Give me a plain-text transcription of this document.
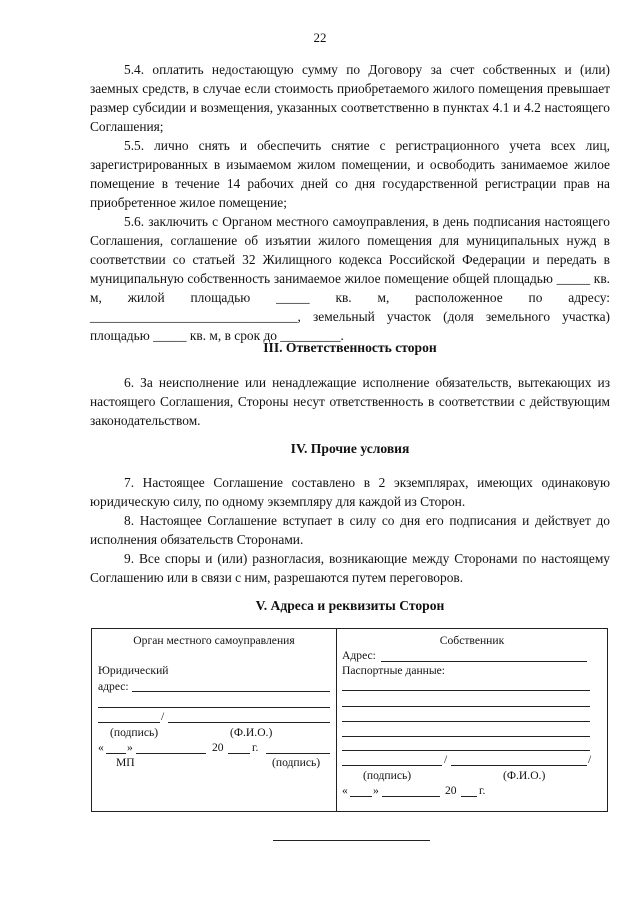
22

5.4. оплатить недостающую сумму по Договору за счет собственных и (или) заемных средств, в случае если стоимость приобретаемого жилого помещения превышает размер субсидии и возмещения, указанных соответственно в пунктах 4.1 и 4.2 настоящего Соглашения;

5.5. лично снять и обеспечить снятие с регистрационного учета всех лиц, зарегистрированных в изымаемом жилом помещении, и освободить занимаемое жилое помещение в течение 14 рабочих дней со дня государственной регистрации прав на приобретенное жилое помещение;

5.6. заключить с Органом местного самоуправления, в день подписания настоящего Соглашения, соглашение об изъятии жилого помещения для муниципальных нужд в соответствии со статьей 32 Жилищного кодекса Российской Федерации и передать в муниципальную собственность занимаемое жилое помещение общей площадью _____ кв. м, жилой площадью _____ кв. м, расположенное по адресу: _______________________________, земельный участок (доля земельного участка) площадью _____ кв. м, в срок до _________.

III. Ответственность сторон

6. За неисполнение или ненадлежащие исполнение обязательств, вытекающих из настоящего Соглашения, Стороны несут ответственность в соответствии с действующим законодательством.

IV. Прочие условия

7. Настоящее Соглашение составлено в 2 экземплярах, имеющих одинаковую юридическую силу, по одному экземпляру для каждой из Сторон.

8. Настоящее Соглашение вступает в силу со дня его подписания и действует до исполнения обязательств Сторонами.

9. Все споры и (или) разногласия, возникающие между Сторонами по настоящему Соглашению или в связи с ним, разрешаются путем переговоров.

V. Адреса и реквизиты Сторон
Орган местного самоуправления
Юридический
адрес:
/
(подпись)	(Ф.И.О.)
« »	20 г.
МП	(подпись)
Собственник
Адрес:
Паспортные данные:
/	/
(подпись)	(Ф.И.О.)
« »	20 г.
